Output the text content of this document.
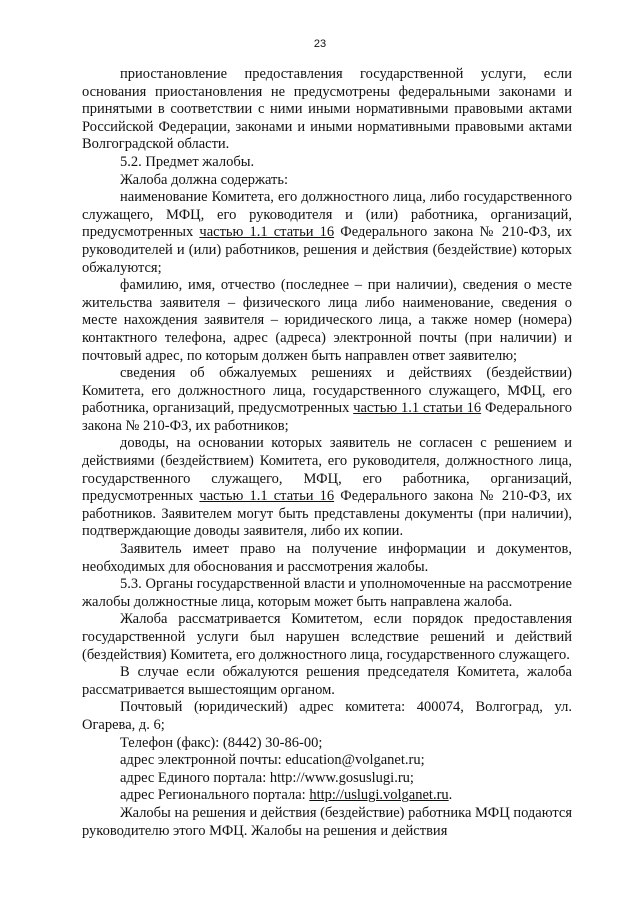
23

приостановление предоставления государственной услуги, если основания приостановления не предусмотрены федеральными законами и принятыми в соответствии с ними иными нормативными правовыми актами Российской Федерации, законами и иными нормативными правовыми актами Волгоградской области.

5.2. Предмет жалобы.

Жалоба должна содержать:

наименование Комитета, его должностного лица, либо государственного служащего, МФЦ, его руководителя и (или) работника, организаций, предусмотренных частью 1.1 статьи 16 Федерального закона № 210-ФЗ, их руководителей и (или) работников, решения и действия (бездействие) которых обжалуются;

фамилию, имя, отчество (последнее – при наличии), сведения о месте жительства заявителя – физического лица либо наименование, сведения о месте нахождения заявителя – юридического лица, а также номер (номера) контактного телефона, адрес (адреса) электронной почты (при наличии) и почтовый адрес, по которым должен быть направлен ответ заявителю;

сведения об обжалуемых решениях и действиях (бездействии) Комитета, его должностного лица, государственного служащего, МФЦ, его работника, организаций, предусмотренных частью 1.1 статьи 16 Федерального закона № 210-ФЗ, их работников;

доводы, на основании которых заявитель не согласен с решением и действиями (бездействием) Комитета, его руководителя, должностного лица, государственного служащего, МФЦ, его работника, организаций, предусмотренных частью 1.1 статьи 16 Федерального закона № 210-ФЗ, их работников. Заявителем могут быть представлены документы (при наличии), подтверждающие доводы заявителя, либо их копии.

Заявитель имеет право на получение информации и документов, необходимых для обоснования и рассмотрения жалобы.

5.3. Органы государственной власти и уполномоченные на рассмотрение жалобы должностные лица, которым может быть направлена жалоба.

Жалоба рассматривается Комитетом, если порядок предоставления государственной услуги был нарушен вследствие решений и действий (бездействия) Комитета, его должностного лица, государственного служащего.

В случае если обжалуются решения председателя Комитета, жалоба рассматривается вышестоящим органом.

Почтовый (юридический) адрес комитета: 400074, Волгоград, ул. Огарева, д. 6;

Телефон (факс): (8442) 30-86-00;

адрес электронной почты: education@volganet.ru;

адрес Единого портала: http://www.gosuslugi.ru;

адрес Регионального портала: http://uslugi.volganet.ru.

Жалобы на решения и действия (бездействие) работника МФЦ подаются руководителю этого МФЦ. Жалобы на решения и действия
